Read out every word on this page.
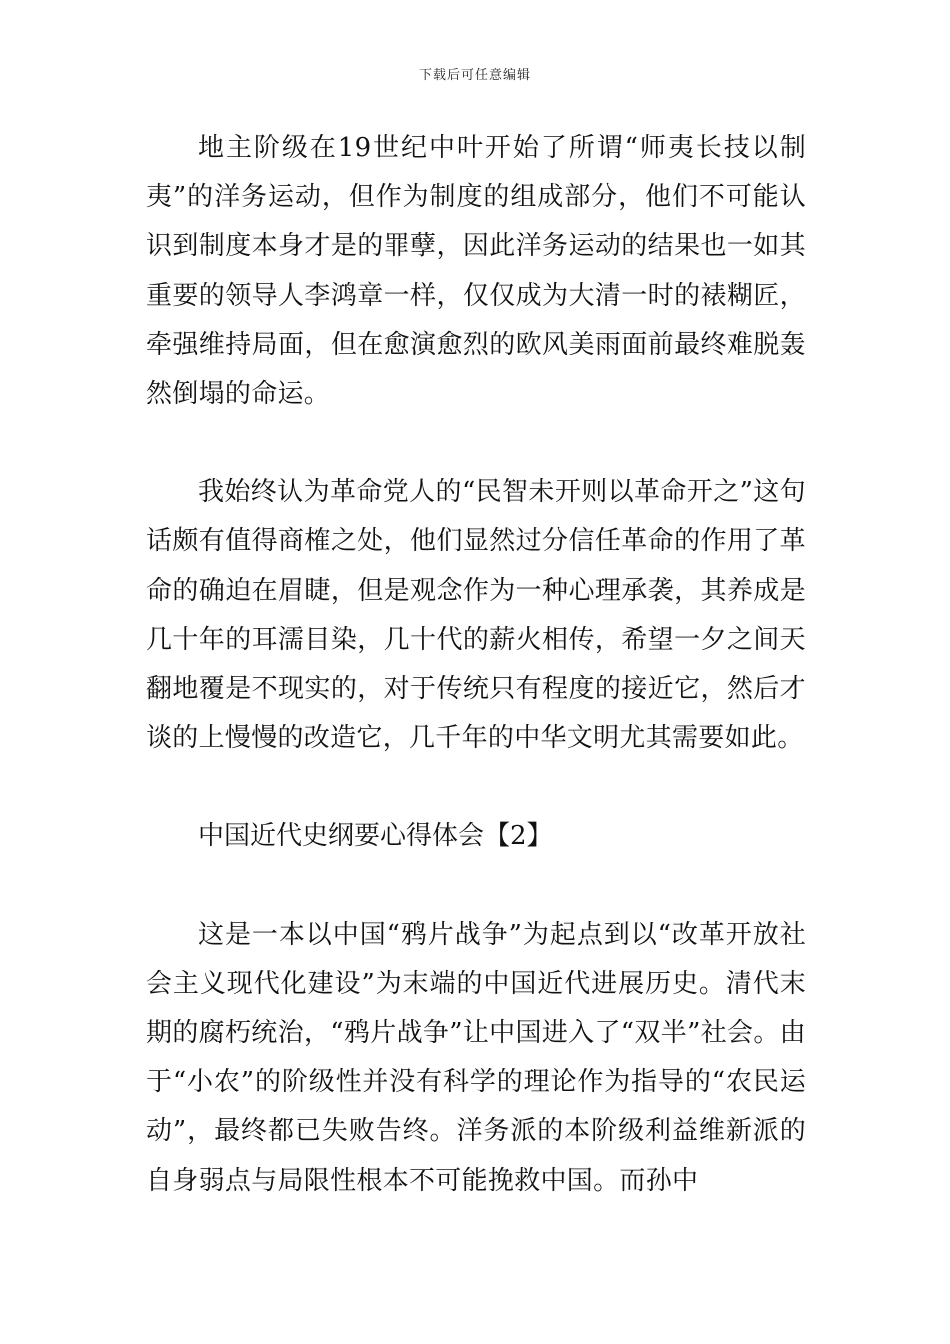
下载后可任意编辑

地主阶级在19世纪中叶开始了所谓“师夷长技以制夷”的洋务运动，但作为制度的组成部分，他们不可能认识到制度本身才是的罪孽，因此洋务运动的结果也一如其重要的领导人李鸿章一样，仅仅成为大清一时的裱糊匠，牵强维持局面，但在愈演愈烈的欧风美雨面前最终难脱轰然倒塌的命运。

我始终认为革命党人的“民智未开则以革命开之”这句话颇有值得商榷之处，他们显然过分信任革命的作用了革命的确迫在眉睫，但是观念作为一种心理承袭，其养成是几十年的耳濡目染，几十代的薪火相传，希望一夕之间天翻地覆是不现实的，对于传统只有程度的接近它，然后才谈的上慢慢的改造它，几千年的中华文明尤其需要如此。

中国近代史纲要心得体会【2】

这是一本以中国“鸦片战争”为起点到以“改革开放社会主义现代化建设”为末端的中国近代进展历史。清代末期的腐朽统治，“鸦片战争”让中国进入了“双半”社会。由于“小农”的阶级性并没有科学的理论作为指导的“农民运动”，最终都已失败告终。洋务派的本阶级利益维新派的自身弱点与局限性根本不可能挽救中国。而孙中
